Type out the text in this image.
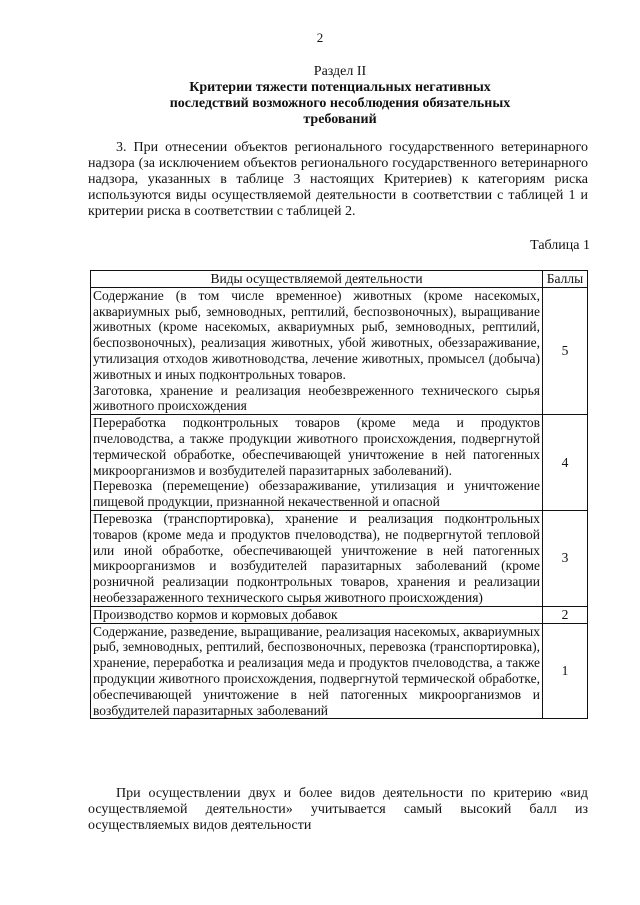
2
Раздел II
Критерии тяжести потенциальных негативных
последствий возможного несоблюдения обязательных
требований

3. При отнесении объектов регионального государственного ветеринарного надзора (за исключением объектов регионального государственного ветеринарного надзора, указанных в таблице 3 настоящих Критериев) к категориям риска используются виды осуществляемой деятельности в соответствии с таблицей 1 и критерии риска в соответствии с таблицей 2.

Таблица 1
Виды осуществляемой деятельности	Баллы

Содержание (в том числе временное) животных (кроме насекомых, аквариумных рыб, земноводных, рептилий, беспозвоночных), выращивание животных (кроме насекомых, аквариумных рыб, земноводных, рептилий, беспозвоночных), реализация животных, убой животных, обеззараживание, утилизация отходов животноводства, лечение животных, промысел (добыча) животных и иных подконтрольных товаров.

Заготовка, хранение и реализация необезвреженного технического сырья животного происхождения	5

Переработка подконтрольных товаров (кроме меда и продуктов пчеловодства, а также продукции животного происхождения, подвергнутой термической обработке, обеспечивающей уничтожение в ней патогенных микроорганизмов и возбудителей паразитарных заболеваний).

Перевозка (перемещение) обеззараживание, утилизация и уничтожение пищевой продукции, признанной некачественной и опасной	4

Перевозка (транспортировка), хранение и реализация подконтрольных товаров (кроме меда и продуктов пчеловодства), не подвергнутой тепловой или иной обработке, обеспечивающей уничтожение в ней патогенных микроорганизмов и возбудителей паразитарных заболеваний (кроме розничной реализации подконтрольных товаров, хранения и реализации необеззараженного технического сырья животного происхождения)	3

Производство кормов и кормовых добавок	2

Содержание, разведение, выращивание, реализация насекомых, аквариумных рыб, земноводных, рептилий, беспозвоночных, перевозка (транспортировка), хранение, переработка и реализация меда и продуктов пчеловодства, а также продукции животного происхождения, подвергнутой термической обработке, обеспечивающей уничтожение в ней патогенных микроорганизмов и возбудителей паразитарных заболеваний	1

При осуществлении двух и более видов деятельности по критерию «вид осуществляемой деятельности» учитывается самый высокий балл из осуществляемых видов деятельности
